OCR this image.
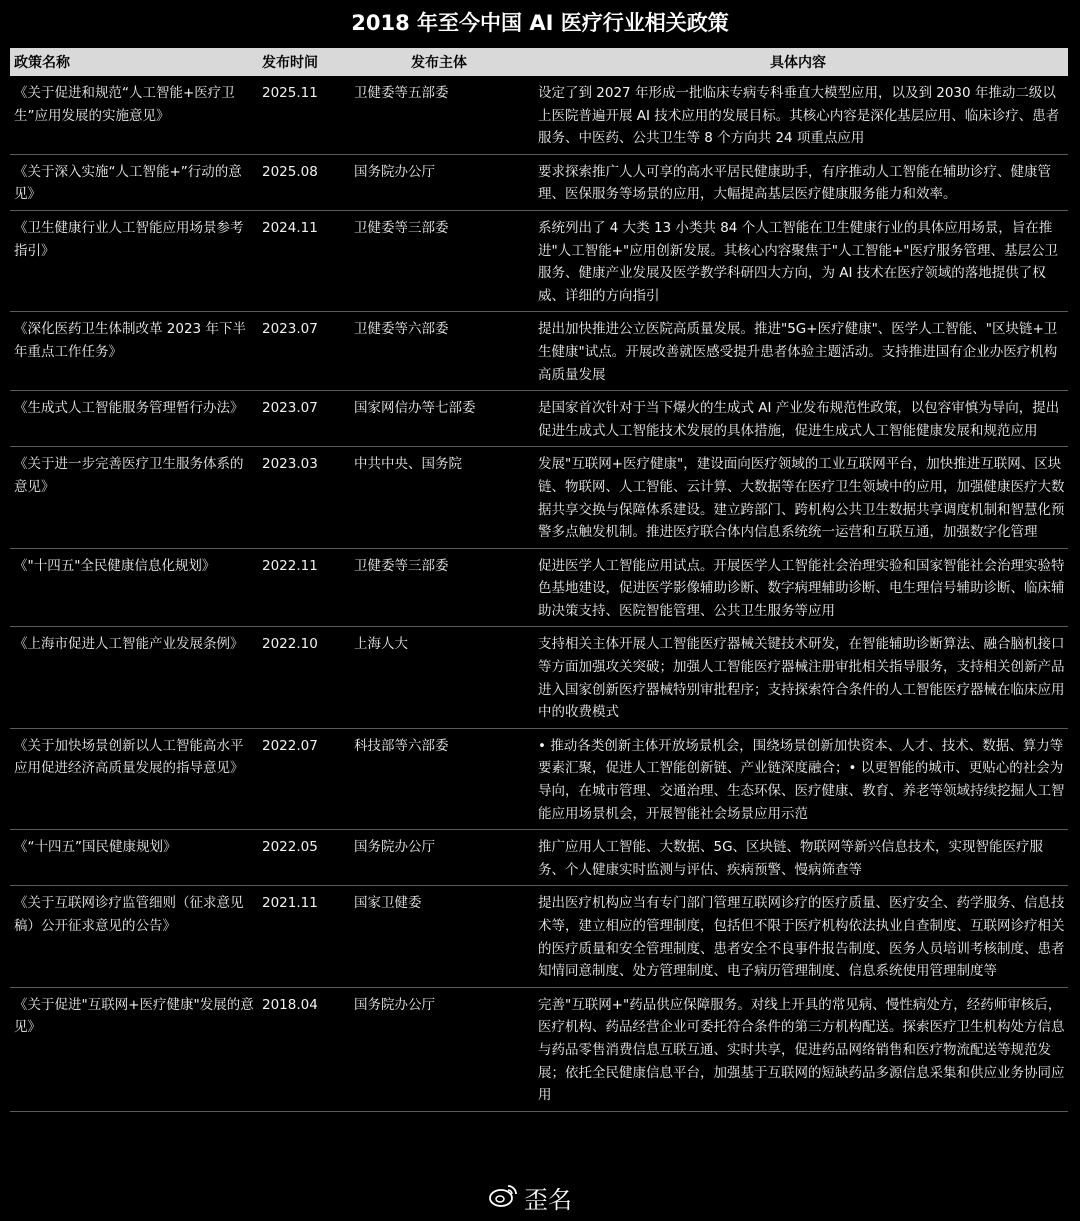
2018 年至今中国 AI 医疗行业相关政策
政策名称	发布时间	发布主体	具体内容
《关于促进和规范“人工智能+医疗卫生”应用发展的实施意见》	2025.11	卫健委等五部委	设定了到 2027 年形成一批临床专病专科垂直大模型应用，以及到 2030 年推动二级以上医院普遍开展 AI 技术应用的发展目标。其核心内容是深化基层应用、临床诊疗、患者服务、中医药、公共卫生等 8 个方向共 24 项重点应用
《关于深入实施“人工智能+”行动的意见》	2025.08	国务院办公厅	要求探索推广人人可享的高水平居民健康助手，有序推动人工智能在辅助诊疗、健康管理、医保服务等场景的应用，大幅提高基层医疗健康服务能力和效率。
《卫生健康行业人工智能应用场景参考指引》	2024.11	卫健委等三部委	系统列出了 4 大类 13 小类共 84 个人工智能在卫生健康行业的具体应用场景，旨在推进"人工智能+"应用创新发展。其核心内容聚焦于"人工智能+"医疗服务管理、基层公卫服务、健康产业发展及医学教学科研四大方向，为 AI 技术在医疗领域的落地提供了权威、详细的方向指引
《深化医药卫生体制改革 2023 年下半年重点工作任务》	2023.07	卫健委等六部委	提出加快推进公立医院高质量发展。推进"5G+医疗健康"、医学人工智能、"区块链+卫生健康"试点。开展改善就医感受提升患者体验主题活动。支持推进国有企业办医疗机构高质量发展
《生成式人工智能服务管理暂行办法》	2023.07	国家网信办等七部委	是国家首次针对于当下爆火的生成式 AI 产业发布规范性政策，以包容审慎为导向，提出促进生成式人工智能技术发展的具体措施，促进生成式人工智能健康发展和规范应用
《关于进一步完善医疗卫生服务体系的意见》	2023.03	中共中央、国务院	发展"互联网+医疗健康"，建设面向医疗领域的工业互联网平台，加快推进互联网、区块链、物联网、人工智能、云计算、大数据等在医疗卫生领域中的应用，加强健康医疗大数据共享交换与保障体系建设。建立跨部门、跨机构公共卫生数据共享调度机制和智慧化预警多点触发机制。推进医疗联合体内信息系统统一运营和互联互通，加强数字化管理
《"十四五"全民健康信息化规划》	2022.11	卫健委等三部委	促进医学人工智能应用试点。开展医学人工智能社会治理实验和国家智能社会治理实验特色基地建设，促进医学影像辅助诊断、数字病理辅助诊断、电生理信号辅助诊断、临床辅助决策支持、医院智能管理、公共卫生服务等应用
《上海市促进人工智能产业发展条例》	2022.10	上海人大	支持相关主体开展人工智能医疗器械关键技术研发，在智能辅助诊断算法、融合脑机接口等方面加强攻关突破；加强人工智能医疗器械注册审批相关指导服务，支持相关创新产品进入国家创新医疗器械特别审批程序；支持探索符合条件的人工智能医疗器械在临床应用中的收费模式
《关于加快场景创新以人工智能高水平应用促进经济高质量发展的指导意见》	2022.07	科技部等六部委	• 推动各类创新主体开放场景机会，围绕场景创新加快资本、人才、技术、数据、算力等要素汇聚，促进人工智能创新链、产业链深度融合；• 以更智能的城市、更贴心的社会为导向，在城市管理、交通治理、生态环保、医疗健康、教育、养老等领域持续挖掘人工智能应用场景机会，开展智能社会场景应用示范
《“十四五”国民健康规划》	2022.05	国务院办公厅	推广应用人工智能、大数据、5G、区块链、物联网等新兴信息技术，实现智能医疗服务、个人健康实时监测与评估、疾病预警、慢病筛查等
《关于互联网诊疗监管细则（征求意见稿）公开征求意见的公告》	2021.11	国家卫健委	提出医疗机构应当有专门部门管理互联网诊疗的医疗质量、医疗安全、药学服务、信息技术等，建立相应的管理制度，包括但不限于医疗机构依法执业自查制度、互联网诊疗相关的医疗质量和安全管理制度、患者安全不良事件报告制度、医务人员培训考核制度、患者知情同意制度、处方管理制度、电子病历管理制度、信息系统使用管理制度等
《关于促进"互联网+医疗健康"发展的意见》	2018.04	国务院办公厅	完善"互联网+"药品供应保障服务。对线上开具的常见病、慢性病处方，经药师审核后，医疗机构、药品经营企业可委托符合条件的第三方机构配送。探索医疗卫生机构处方信息与药品零售消费信息互联互通、实时共享，促进药品网络销售和医疗物流配送等规范发展；依托全民健康信息平台，加强基于互联网的短缺药品多源信息采集和供应业务协同应用
歪名
